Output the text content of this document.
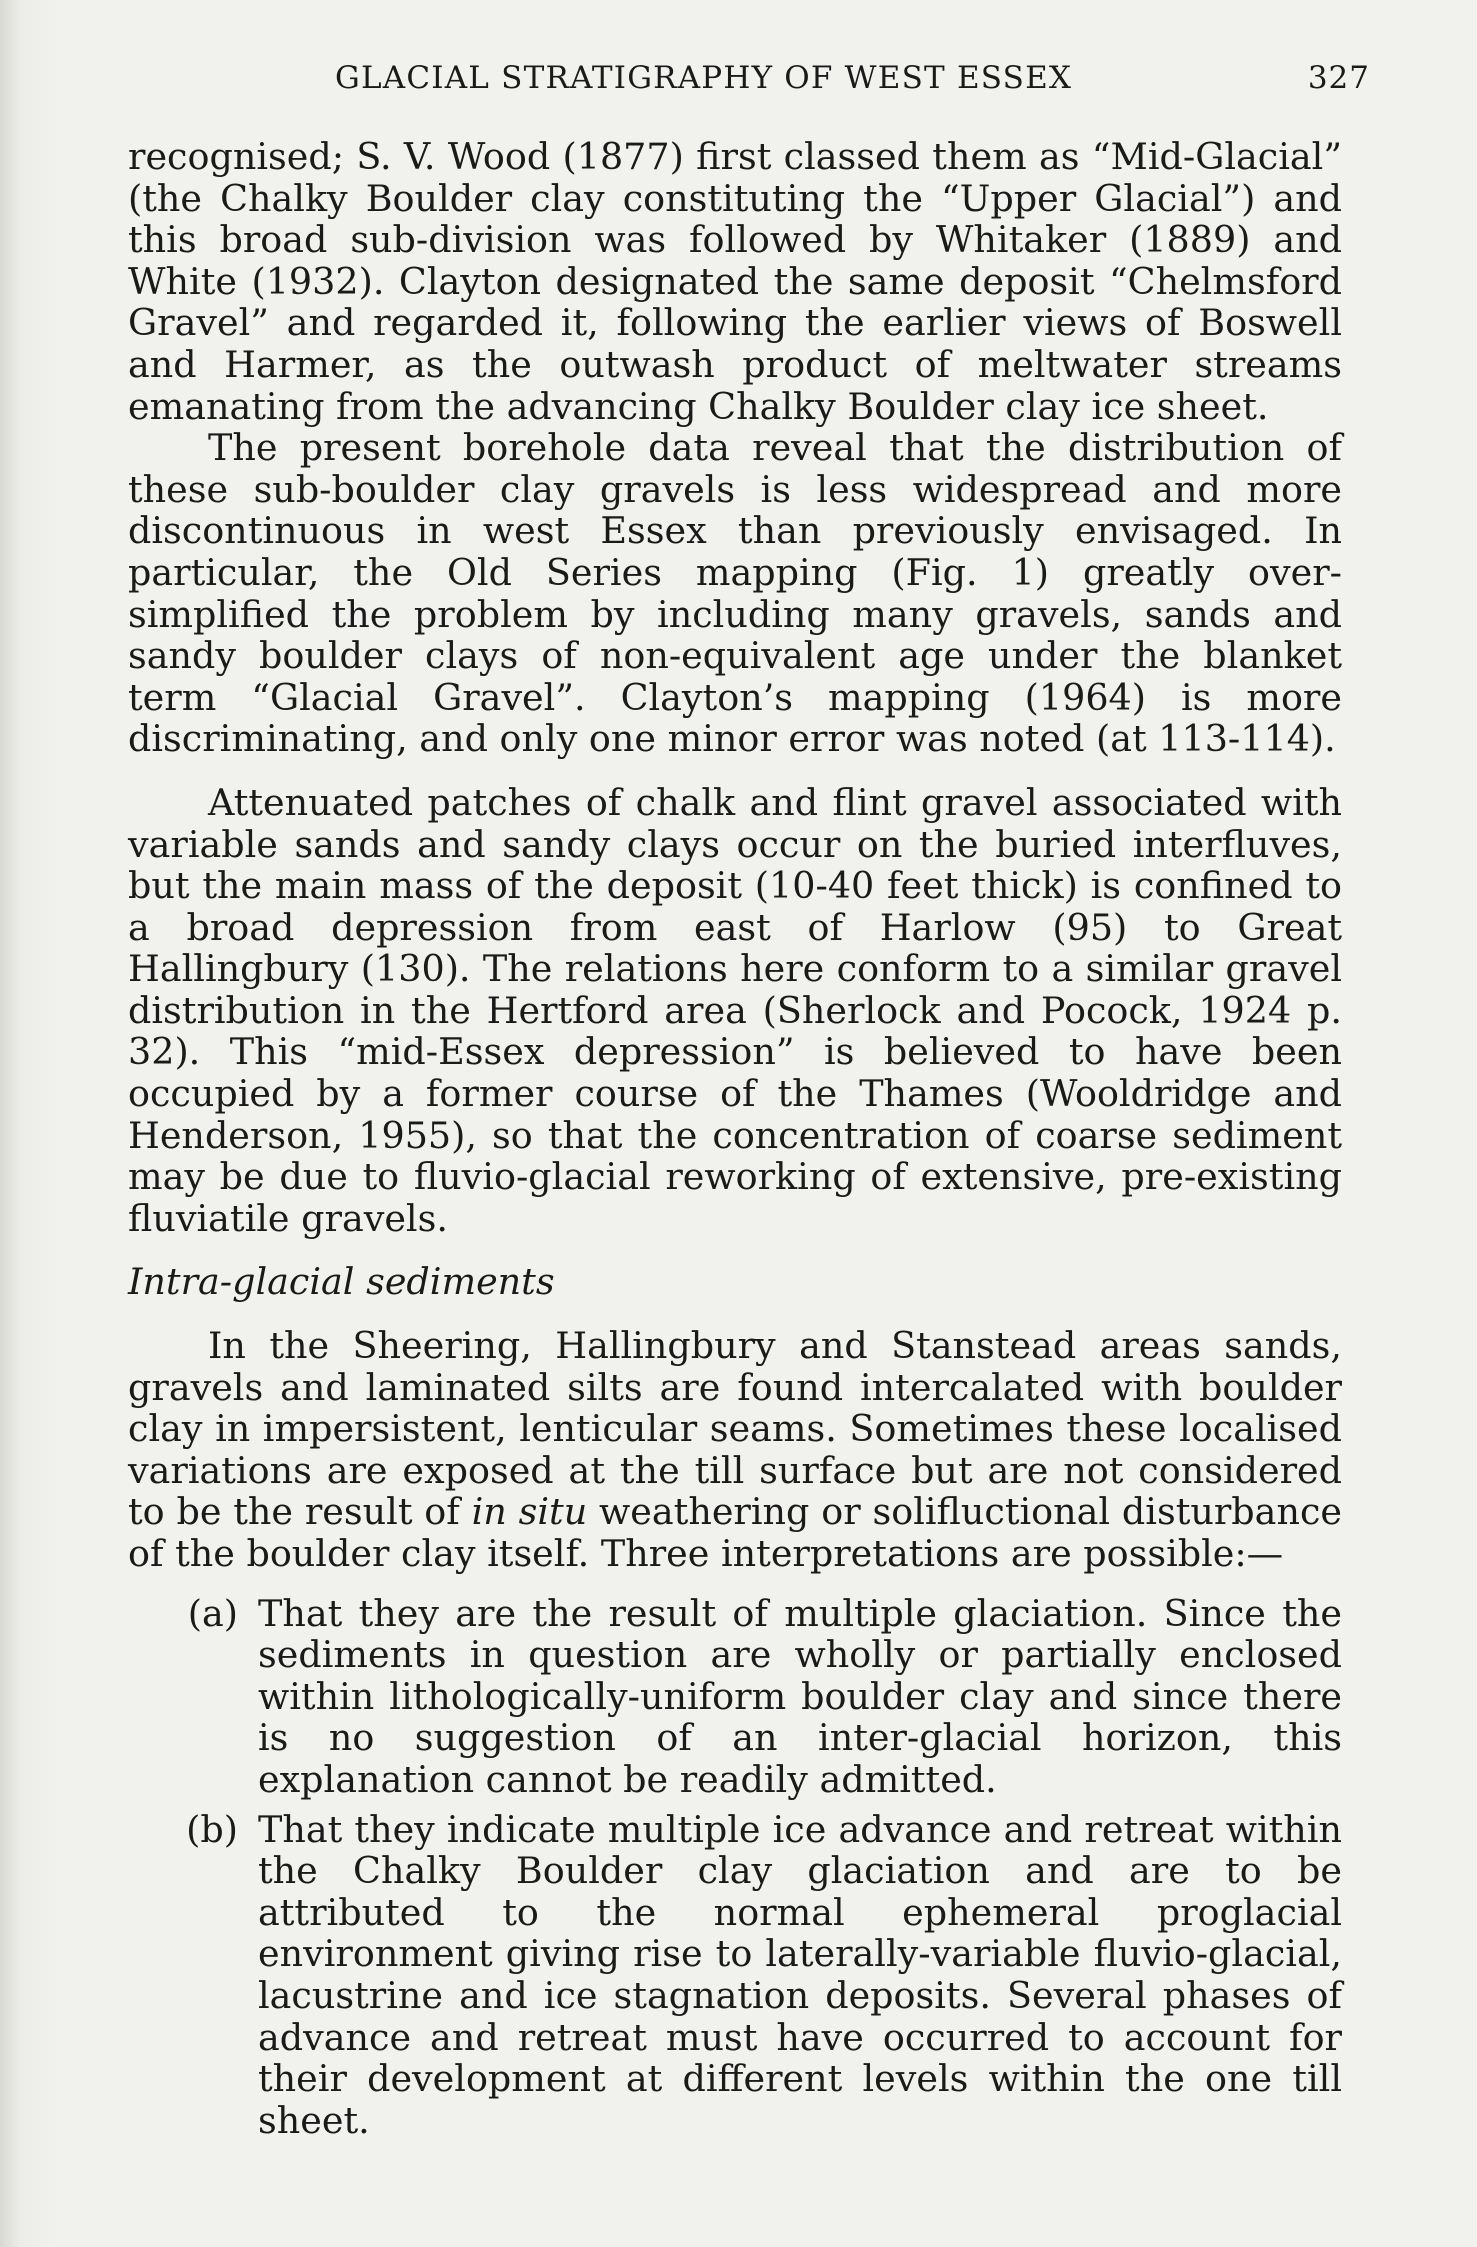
GLACIAL STRATIGRAPHY OF WEST ESSEX	327

recognised; S. V. Wood (1877) first classed them as “Mid-Glacial” (the Chalky Boulder clay constituting the “Upper Glacial”) and this broad sub-division was followed by Whitaker (1889) and White (1932). Clayton designated the same deposit “Chelmsford Gravel” and regarded it, following the earlier views of Boswell and Harmer, as the outwash product of meltwater streams emanating from the advancing Chalky Boulder clay ice sheet.

The present borehole data reveal that the distribution of these sub-boulder clay gravels is less widespread and more discontinuous in west Essex than previously envisaged. In particular, the Old Series mapping (Fig. 1) greatly over-simplified the problem by including many gravels, sands and sandy boulder clays of non-equivalent age under the blanket term “Glacial Gravel”. Clayton’s mapping (1964) is more discriminating, and only one minor error was noted (at 113-114).

Attenuated patches of chalk and flint gravel associated with variable sands and sandy clays occur on the buried interfluves, but the main mass of the deposit (10-40 feet thick) is confined to a broad depression from east of Harlow (95) to Great Hallingbury (130). The relations here conform to a similar gravel distribution in the Hertford area (Sherlock and Pocock, 1924 p. 32). This “mid-Essex depression” is believed to have been occupied by a former course of the Thames (Wooldridge and Henderson, 1955), so that the concentration of coarse sediment may be due to fluvio-glacial reworking of extensive, pre-existing fluviatile gravels.

Intra-glacial sediments

In the Sheering, Hallingbury and Stanstead areas sands, gravels and laminated silts are found intercalated with boulder clay in impersistent, lenticular seams. Sometimes these localised variations are exposed at the till surface but are not considered to be the result of in situ weathering or solifluctional disturbance of the boulder clay itself. Three interpretations are possible:—

(a) That they are the result of multiple glaciation. Since the sediments in question are wholly or partially enclosed within lithologically-uniform boulder clay and since there is no suggestion of an inter-glacial horizon, this explanation cannot be readily admitted.
(b) That they indicate multiple ice advance and retreat within the Chalky Boulder clay glaciation and are to be attributed to the normal ephemeral proglacial environment giving rise to laterally-variable fluvio-glacial, lacustrine and ice stagnation deposits. Several phases of advance and retreat must have occurred to account for their development at different levels within the one till sheet.
